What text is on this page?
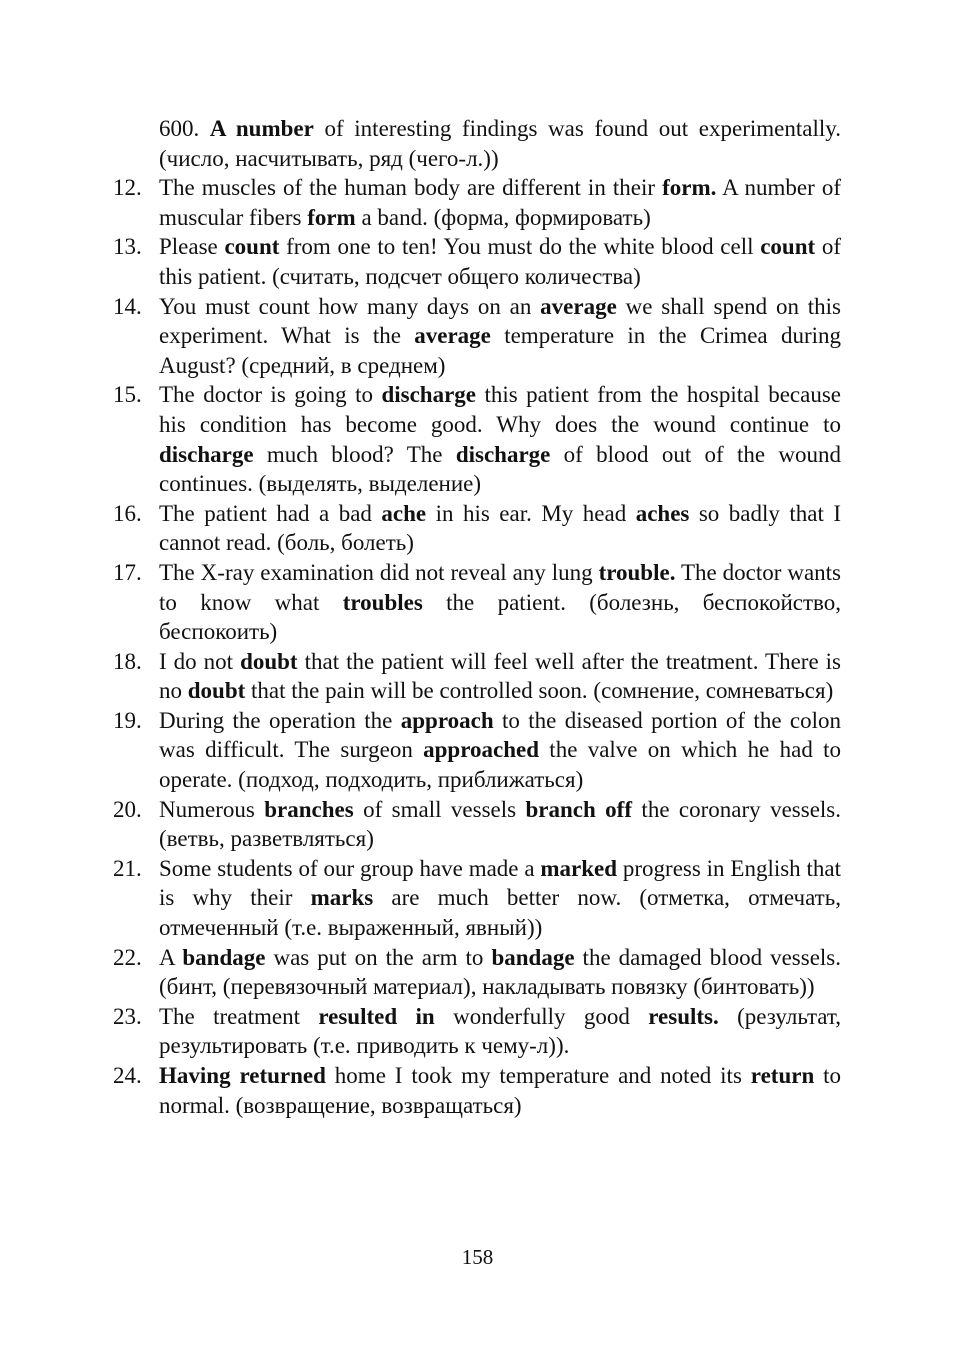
600. A number of interesting findings was found out experimentally. (число, насчитывать, ряд (чего-л.))
12. The muscles of the human body are different in their form. A number of muscular fibers form a band. (форма, формировать)
13. Please count from one to ten! You must do the white blood cell count of this patient. (считать, подсчет общего количества)
14. You must count how many days on an average we shall spend on this experiment. What is the average temperature in the Crimea during August? (средний, в среднем)
15. The doctor is going to discharge this patient from the hospital because his condition has become good. Why does the wound continue to discharge much blood? The discharge of blood out of the wound continues. (выделять, выделение)
16. The patient had a bad ache in his ear. My head aches so badly that I cannot read. (боль, болеть)
17. The X-ray examination did not reveal any lung trouble. The doctor wants to know what troubles the patient. (болезнь, беспокойство, беспокоить)
18. I do not doubt that the patient will feel well after the treatment. There is no doubt that the pain will be controlled soon. (сомнение, сомневаться)
19. During the operation the approach to the diseased portion of the colon was difficult. The surgeon approached the valve on which he had to operate. (подход, подходить, приближаться)
20. Numerous branches of small vessels branch off the coronary vessels. (ветвь, разветвляться)
21. Some students of our group have made a marked progress in English that is why their marks are much better now. (отметка, отмечать, отмеченный (т.е. выраженный, явный))
22. A bandage was put on the arm to bandage the damaged blood vessels. (бинт, (перевязочный материал), накладывать повязку (бинтовать))
23. The treatment resulted in wonderfully good results. (результат, результировать (т.е. приводить к чему-л)).
24. Having returned home I took my temperature and noted its return to normal. (возвращение, возвращаться)
158
